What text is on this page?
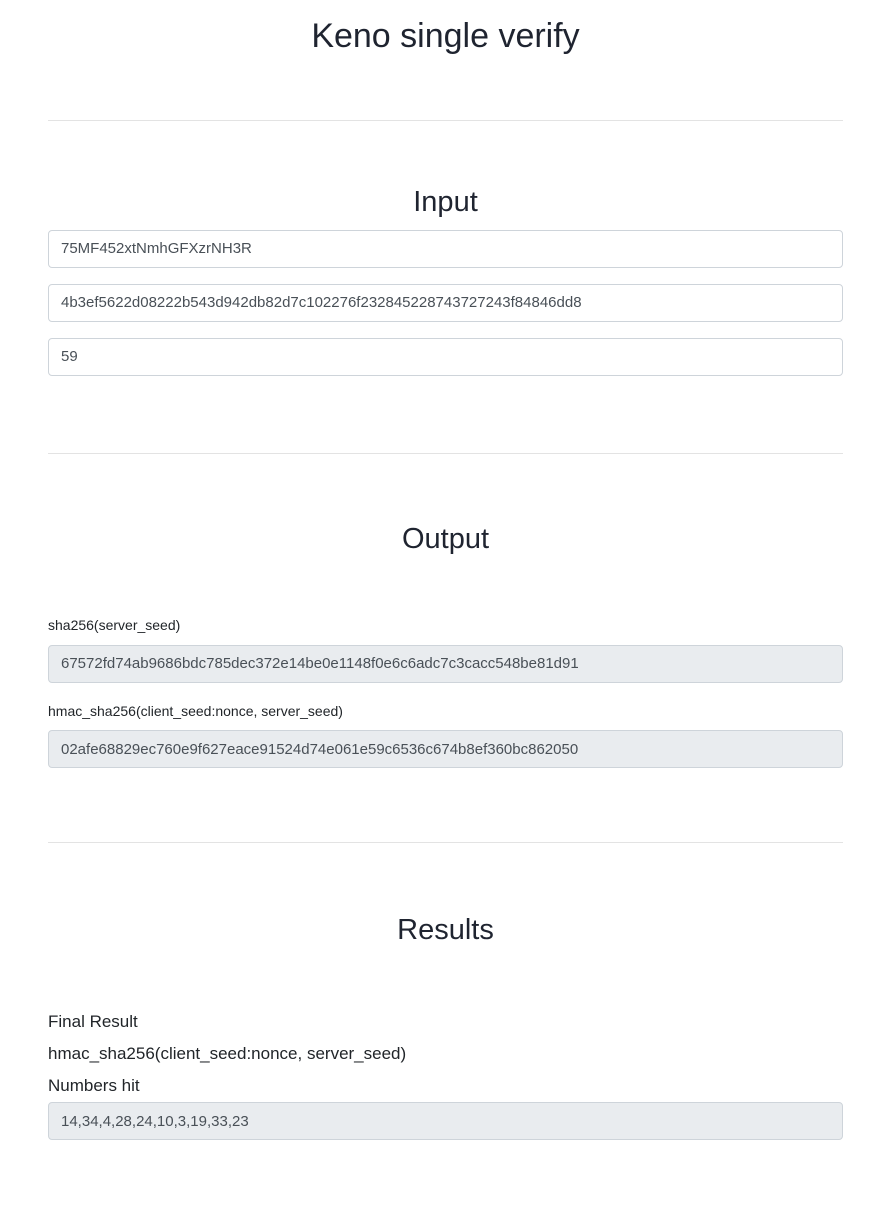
Keno single verify
Input
75MF452xtNmhGFXzrNH3R
4b3ef5622d08222b543d942db82d7c102276f232845228743727243f84846dd8
59
Output
sha256(server_seed)
67572fd74ab9686bdc785dec372e14be0e1148f0e6c6adc7c3cacc548be81d91
hmac_sha256(client_seed:nonce, server_seed)
02afe68829ec760e9f627eace91524d74e061e59c6536c674b8ef360bc862050
Results
Final Result
hmac_sha256(client_seed:nonce, server_seed)
Numbers hit
14,34,4,28,24,10,3,19,33,23
